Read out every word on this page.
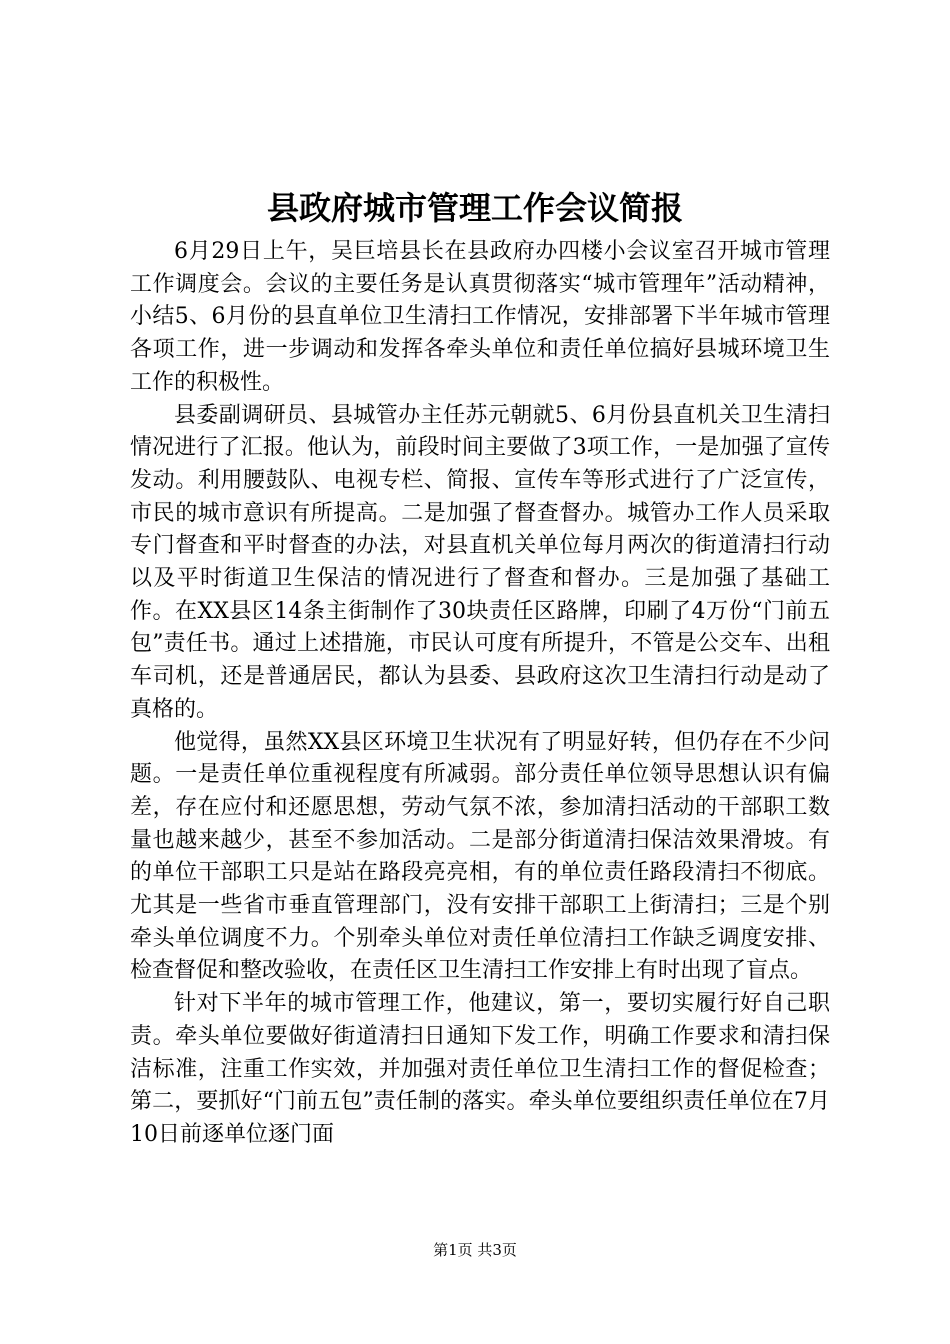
县政府城市管理工作会议简报

6月29日上午，吴巨培县长在县政府办四楼小会议室召开城市管理工作调度会。会议的主要任务是认真贯彻落实“城市管理年”活动精神，小结5、6月份的县直单位卫生清扫工作情况，安排部署下半年城市管理各项工作，进一步调动和发挥各牵头单位和责任单位搞好县城环境卫生工作的积极性。

县委副调研员、县城管办主任苏元朝就5、6月份县直机关卫生清扫情况进行了汇报。他认为，前段时间主要做了3项工作，一是加强了宣传发动。利用腰鼓队、电视专栏、简报、宣传车等形式进行了广泛宣传，市民的城市意识有所提高。二是加强了督查督办。城管办工作人员采取专门督查和平时督查的办法，对县直机关单位每月两次的街道清扫行动以及平时街道卫生保洁的情况进行了督查和督办。三是加强了基础工作。在XX县区14条主街制作了30块责任区路牌，印刷了4万份“门前五包”责任书。通过上述措施，市民认可度有所提升，不管是公交车、出租车司机，还是普通居民，都认为县委、县政府这次卫生清扫行动是动了真格的。

他觉得，虽然XX县区环境卫生状况有了明显好转，但仍存在不少问题。一是责任单位重视程度有所减弱。部分责任单位领导思想认识有偏差，存在应付和还愿思想，劳动气氛不浓，参加清扫活动的干部职工数量也越来越少，甚至不参加活动。二是部分街道清扫保洁效果滑坡。有的单位干部职工只是站在路段亮亮相，有的单位责任路段清扫不彻底。尤其是一些省市垂直管理部门，没有安排干部职工上街清扫；三是个别牵头单位调度不力。个别牵头单位对责任单位清扫工作缺乏调度安排、检查督促和整改验收，在责任区卫生清扫工作安排上有时出现了盲点。

针对下半年的城市管理工作，他建议，第一，要切实履行好自己职责。牵头单位要做好街道清扫日通知下发工作，明确工作要求和清扫保洁标准，注重工作实效，并加强对责任单位卫生清扫工作的督促检查；第二，要抓好“门前五包”责任制的落实。牵头单位要组织责任单位在7月10日前逐单位逐门面

第1页 共3页
